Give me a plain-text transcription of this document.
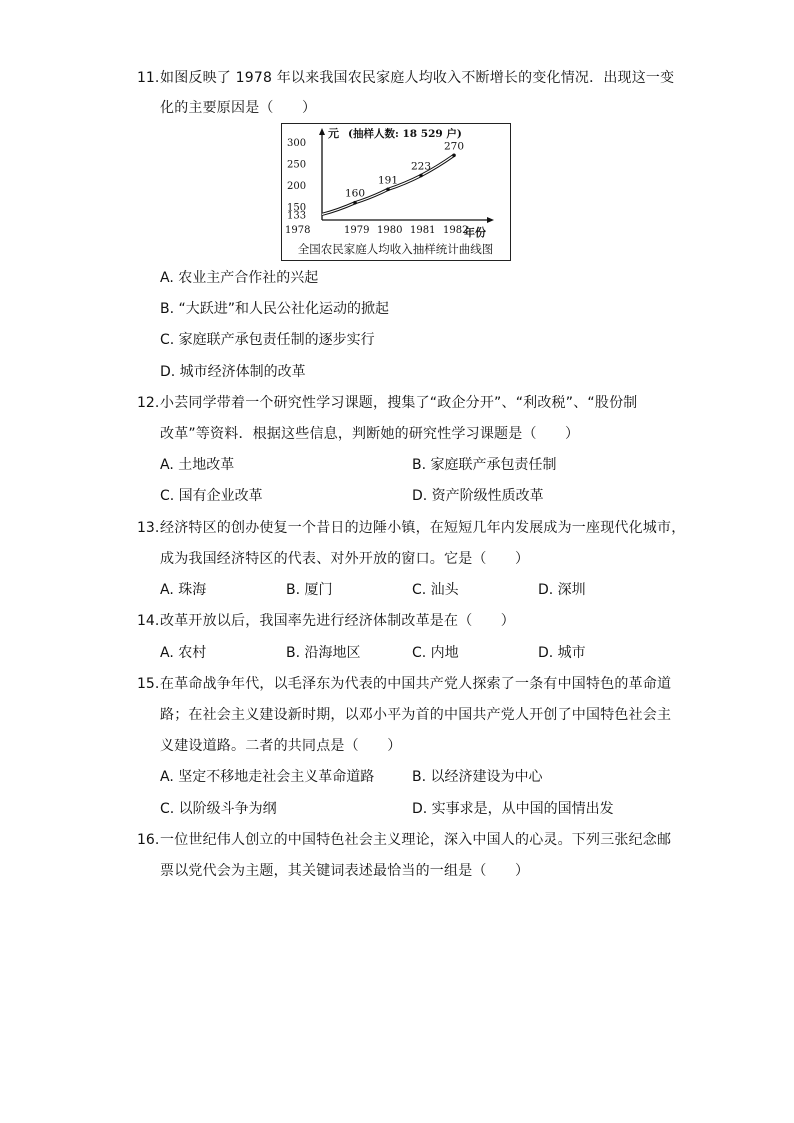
11. 如图反映了 1978 年以来我国农民家庭人均收入不断增长的变化情况．出现这一变
化的主要原因是（　　）
元 (抽样人数: 18 529 户)
年份
150
200
250
300
1978	1979 1980 1981 1982
133
160
191
223
270
全国农民家庭人均收入抽样统计曲线图
A. 农业主产合作社的兴起
B. “大跃进”和人民公社化运动的掀起
C. 家庭联产承包责任制的逐步实行
D. 城市经济体制的改革
12. 小芸同学带着一个研究性学习课题，搜集了“政企分开”、“利改税”、“股份制
改革”等资料．根据这些信息，判断她的研究性学习课题是（　　）
A. 土地改革	B. 家庭联产承包责任制
C. 国有企业改革	D. 资产阶级性质改革
13. 经济特区的创办使复一个昔日的边陲小镇，在短短几年内发展成为一座现代化城市，
成为我国经济特区的代表、对外开放的窗口。它是（　　）
A. 珠海	B. 厦门	C. 汕头	D. 深圳
14. 改革开放以后，我国率先进行经济体制改革是在（　　）
A. 农村	B. 沿海地区	C. 内地	D. 城市
15. 在革命战争年代，以毛泽东为代表的中国共产党人探索了一条有中国特色的革命道
路；在社会主义建设新时期，以邓小平为首的中国共产党人开创了中国特色社会主
义建设道路。二者的共同点是（　　）
A. 坚定不移地走社会主义革命道路	B. 以经济建设为中心
C. 以阶级斗争为纲	D. 实事求是，从中国的国情出发
16. 一位世纪伟人创立的中国特色社会主义理论，深入中国人的心灵。下列三张纪念邮
票以党代会为主题，其关键词表述最恰当的一组是（　　）
